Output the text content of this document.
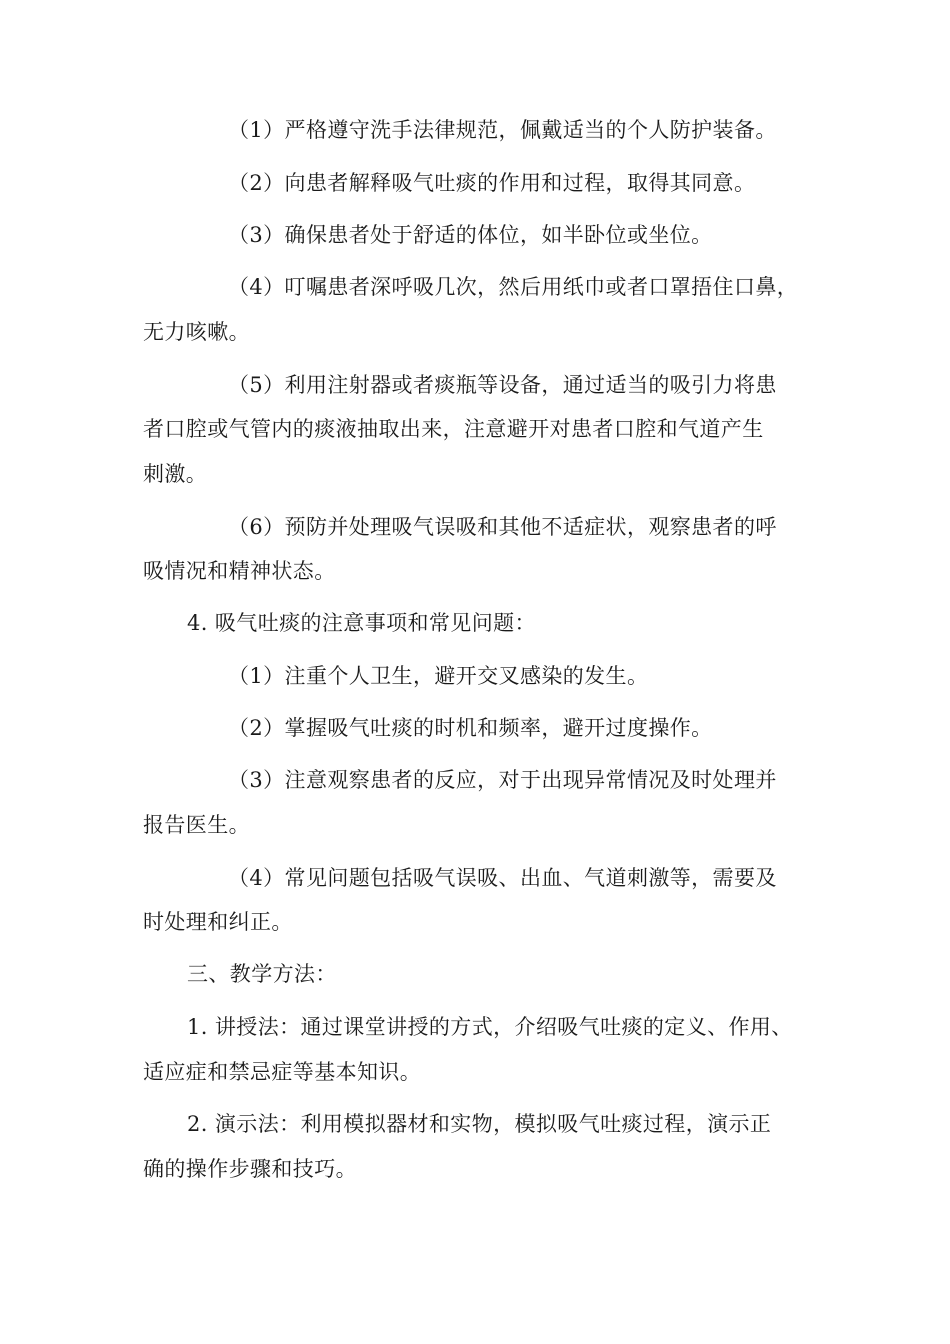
（1）严格遵守洗手法律规范，佩戴适当的个人防护装备。

（2）向患者解释吸气吐痰的作用和过程，取得其同意。

（3）确保患者处于舒适的体位，如半卧位或坐位。

（4）叮嘱患者深呼吸几次，然后用纸巾或者口罩捂住口鼻，

无力咳嗽。

（5）利用注射器或者痰瓶等设备，通过适当的吸引力将患

者口腔或气管内的痰液抽取出来，注意避开对患者口腔和气道产生

刺激。

（6）预防并处理吸气误吸和其他不适症状，观察患者的呼

吸情况和精神状态。

4. 吸气吐痰的注意事项和常见问题：

（1）注重个人卫生，避开交叉感染的发生。

（2）掌握吸气吐痰的时机和频率，避开过度操作。

（3）注意观察患者的反应，对于出现异常情况及时处理并

报告医生。

（4）常见问题包括吸气误吸、出血、气道刺激等，需要及

时处理和纠正。

三、教学方法：

1. 讲授法：通过课堂讲授的方式，介绍吸气吐痰的定义、作用、

适应症和禁忌症等基本知识。

2. 演示法：利用模拟器材和实物，模拟吸气吐痰过程，演示正

确的操作步骤和技巧。
